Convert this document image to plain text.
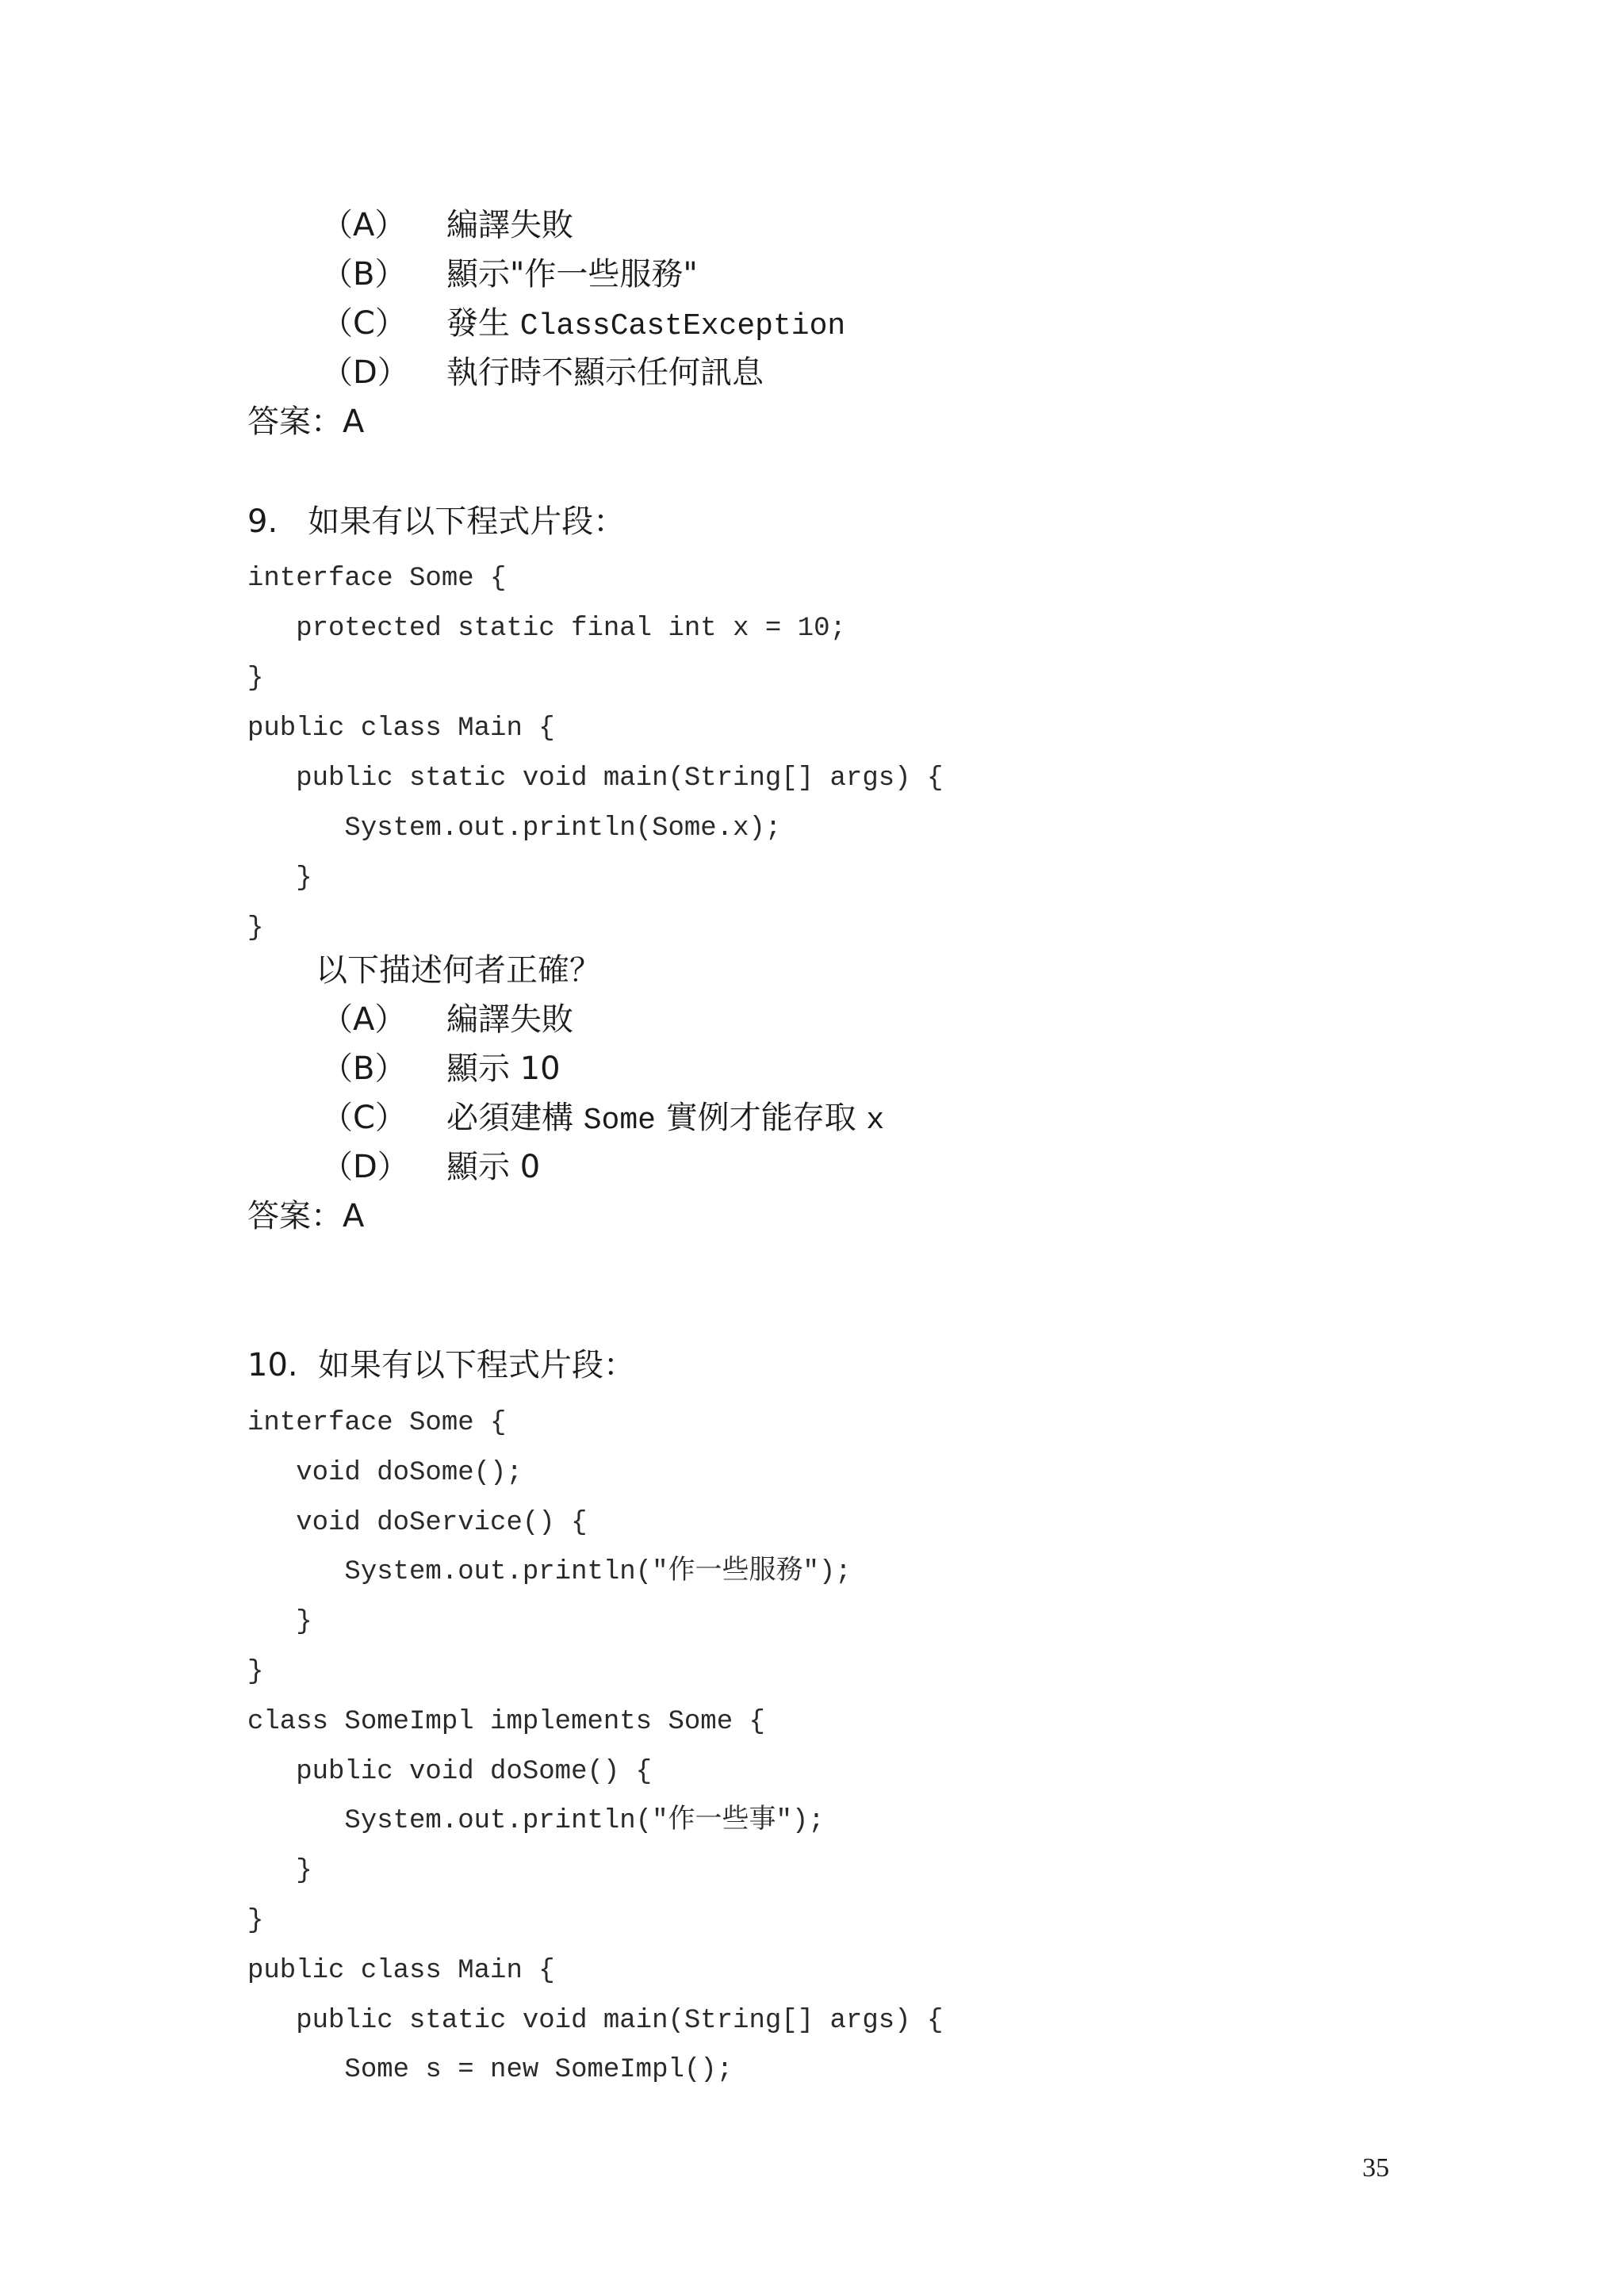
（A） 編譯失敗
（B） 顯示"作一些服務"
（C） 發生 ClassCastException
（D） 執行時不顯示任何訊息
答案：A
9.   如果有以下程式片段：
interface Some {
protected static final int x = 10;
}
public class Main {
public static void main(String[] args) {
System.out.println(Some.x);
}
}
以下描述何者正確？
（A） 編譯失敗
（B） 顯示 10
（C） 必須建構 Some 實例才能存取 x
（D） 顯示 0
答案：A
10.  如果有以下程式片段：
interface Some {
void doSome();
void doService() {
System.out.println("作一些服務");
}
}
class SomeImpl implements Some {
public void doSome() {
System.out.println("作一些事");
}
}
public class Main {
public static void main(String[] args) {
Some s = new SomeImpl();
35
